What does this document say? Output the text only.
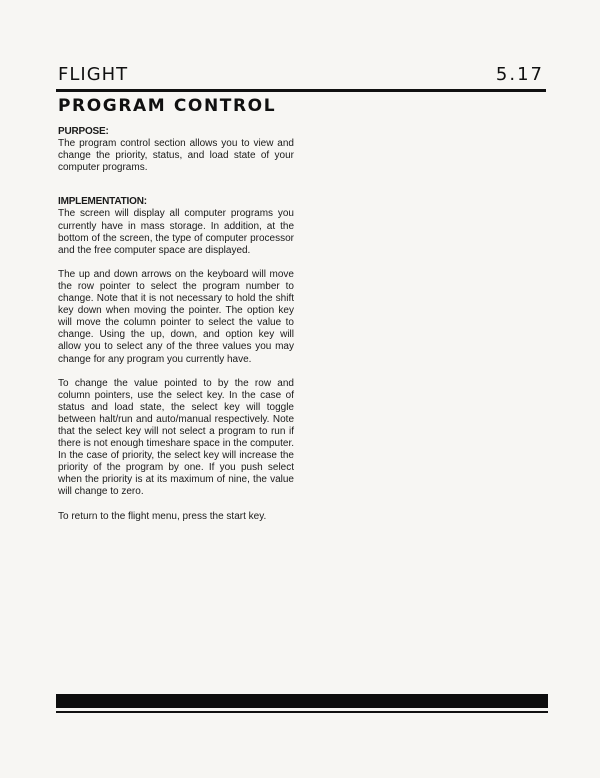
FLIGHT	5.17
PROGRAM CONTROL

PURPOSE:

The program control section allows you to view and change the priority, status, and load state of your computer programs.

IMPLEMENTATION:

The screen will display all computer programs you currently have in mass storage. In addition, at the bottom of the screen, the type of computer processor and the free computer space are displayed.

The up and down arrows on the keyboard will move the row pointer to select the program number to change. Note that it is not necessary to hold the shift key down when moving the pointer. The option key will move the column pointer to select the value to change. Using the up, down, and option key will allow you to select any of the three values you may change for any program you currently have.

To change the value pointed to by the row and column pointers, use the select key. In the case of status and load state, the select key will toggle between halt/run and auto/manual respectively. Note that the select key will not select a program to run if there is not enough timeshare space in the computer. In the case of priority, the select key will increase the priority of the program by one. If you push select when the priority is at its maximum of nine, the value will change to zero.

To return to the flight menu, press the start key.
